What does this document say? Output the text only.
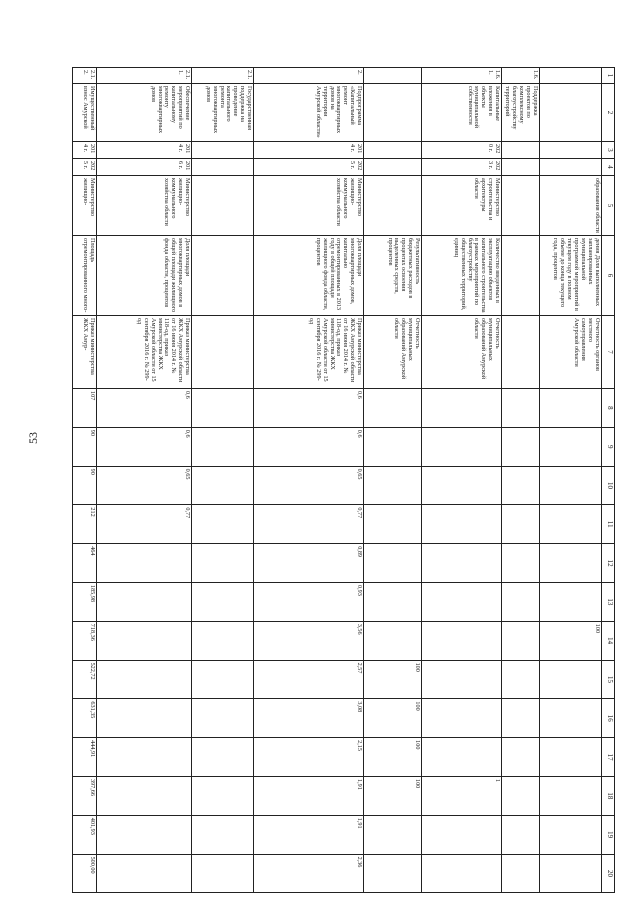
53
1	2	3	4	5	6	7	8	9	10	11	12	13	14	15	16	17	18	19	20
				образования области	дения Доля выполненных запланированных муниципальной программой мероприятий в текущем году в полном объеме до конца текущего года, процентов	Отчетность органов местного самоуправления Амурской области							100						
1.6.	Поддержка проектов по комплексному благоустройству территорий																		
1.6.1.	Капитальные вложения в объекты муниципальной собственности	2020 г.	2023 г.	Министерство строительства и архитектуры области	Количество введенных в эксплуатацию объектов капитального строительства в рамках мероприятий по благоустройству общественных территорий, единиц	Отчетность муниципальных образований Амурской области											1		
					Результативность бюджетных расходов в процентах освоения выделенных средств, процентов	Отчетность муниципальных образований Амурской области								100	100	100	100		
2.	Подпрограмма «Капитальный ремонт многоквартирных домов на территории Амурской области»	2014 г.	2025 г.	Министерство жилищно-коммунального хозяйства области	Доля площади многоквартирных домов, капитально отремонтированных в 2013 году в общей площади жилищного фонда области, процентов	Приказ министерства ЖКХ Амурской области от 16 июня 2014 г. № 118-од, приказ министерства ЖКХ Амурской области от 15 сентября 2016 г. № 299-од	0,6	0,6	0,65	0,77	0,89	0,93	3,56	2,57	3,08	2,15	1,91	1,91	2,36
2.1.	Государственная поддержка на проведение капитального ремонта многоквартирных домов																		
2.1.1.	Обеспечение мероприятий по капитальному ремонту многоквартирных домов	2014 г.	2016 г.	Министерство жилищно-коммунального хозяйства области	Доля площади многоквартирных домов в общей площади жилищного фонда области, процентов	Приказ министерства ЖКХ Амурской области от 16 июня 2014 г. № 118-од, приказ министерства ЖКХ Амурской области от 15 сентября 2016 г. № 299-од	0,6	0,6	0,65	0,77									
2.1.2.	Имущественный взнос Амурской	2014 г.	2025 г.	Министерство жилищно-	Площадь отремонтированного много-	Приказ министерства ЖКХ Амур-	107	90	90	212	464	185,98	718,36	522,72	631,35	444,91	397,66	401,93	500,00
